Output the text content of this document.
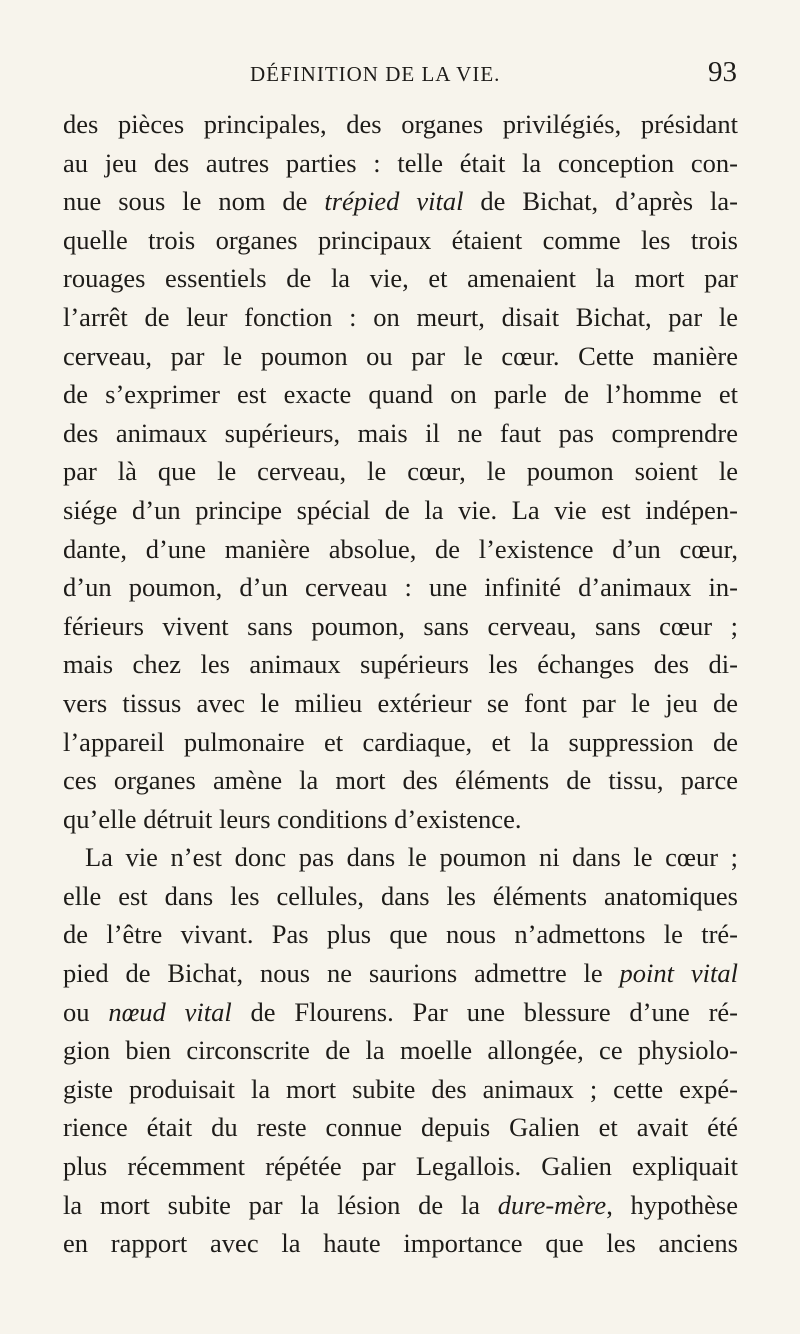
DÉFINITION DE LA VIE.	93
des pièces principales, des organes privilégiés, présidant
au jeu des autres parties : telle était la conception con-
nue sous le nom de trépied vital de Bichat, d’après la-
quelle trois organes principaux étaient comme les trois
rouages essentiels de la vie, et amenaient la mort par
l’arrêt de leur fonction : on meurt, disait Bichat, par le
cerveau, par le poumon ou par le cœur. Cette manière
de s’exprimer est exacte quand on parle de l’homme et
des animaux supérieurs, mais il ne faut pas comprendre
par là que le cerveau, le cœur, le poumon soient le
siége d’un principe spécial de la vie. La vie est indépen-
dante, d’une manière absolue, de l’existence d’un cœur,
d’un poumon, d’un cerveau : une infinité d’animaux in-
férieurs vivent sans poumon, sans cerveau, sans cœur ;
mais chez les animaux supérieurs les échanges des di-
vers tissus avec le milieu extérieur se font par le jeu de
l’appareil pulmonaire et cardiaque, et la suppression de
ces organes amène la mort des éléments de tissu, parce
qu’elle détruit leurs conditions d’existence.
La vie n’est donc pas dans le poumon ni dans le cœur ;
elle est dans les cellules, dans les éléments anatomiques
de l’être vivant. Pas plus que nous n’admettons le tré-
pied de Bichat, nous ne saurions admettre le point vital
ou nœud vital de Flourens. Par une blessure d’une ré-
gion bien circonscrite de la moelle allongée, ce physiolo-
giste produisait la mort subite des animaux ; cette expé-
rience était du reste connue depuis Galien et avait été
plus récemment répétée par Legallois. Galien expliquait
la mort subite par la lésion de la dure-mère, hypothèse
en rapport avec la haute importance que les anciens
